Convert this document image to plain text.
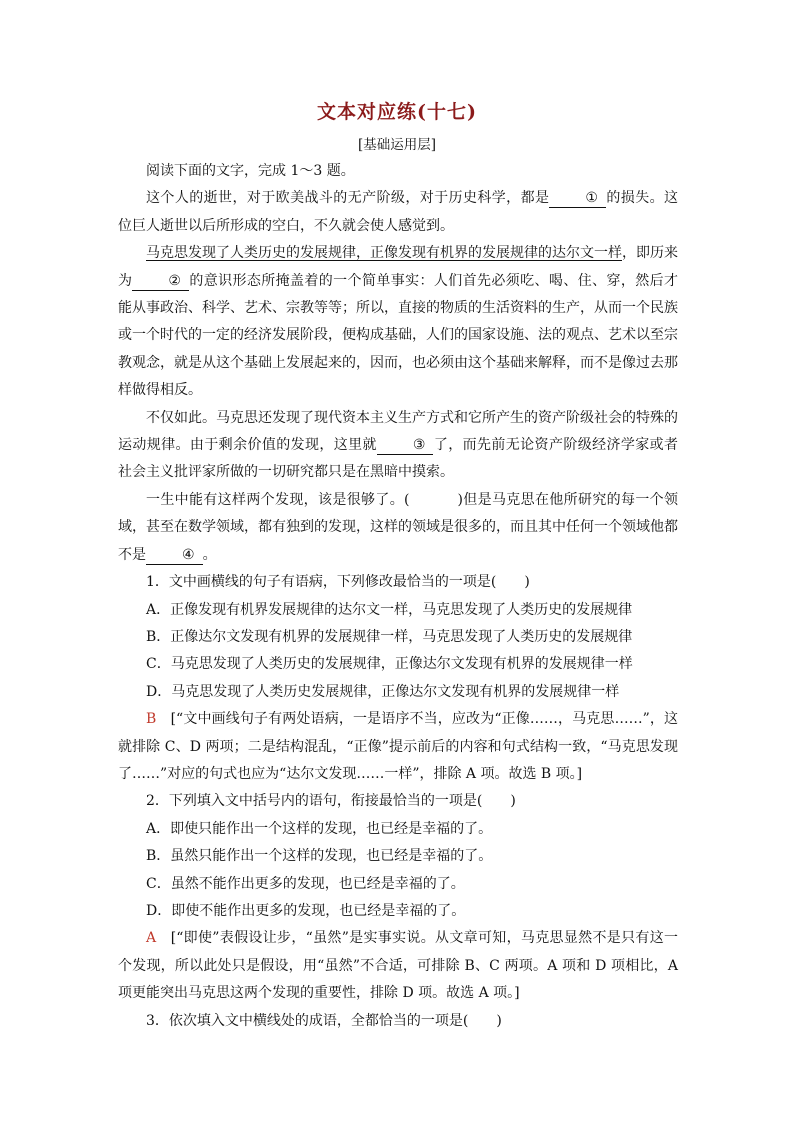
文本对应练(十七)
[基础运用层]

阅读下面的文字，完成 1～3 题。

这个人的逝世，对于欧美战斗的无产阶级，对于历史科学，都是	① 的损失。这位巨人逝世以后所形成的空白，不久就会使人感觉到。

马克思发现了人类历史的发展规律，正像发现有机界的发展规律的达尔文一样，即历来为	② 的意识形态所掩盖着的一个简单事实：人们首先必须吃、喝、住、穿，然后才能从事政治、科学、艺术、宗教等等；所以，直接的物质的生活资料的生产，从而一个民族或一个时代的一定的经济发展阶段，便构成基础，人们的国家设施、法的观点、艺术以至宗教观念，就是从这个基础上发展起来的，因而，也必须由这个基础来解释，而不是像过去那样做得相反。

不仅如此。马克思还发现了现代资本主义生产方式和它所产生的资产阶级社会的特殊的运动规律。由于剩余价值的发现，这里就	③ 了，而先前无论资产阶级经济学家或者社会主义批评家所做的一切研究都只是在黑暗中摸索。

一生中能有这样两个发现，该是很够了。(	)但是马克思在他所研究的每一个领域，甚至在数学领域，都有独到的发现，这样的领域是很多的，而且其中任何一个领域他都不是	④ 。

1．文中画横线的句子有语病，下列修改最恰当的一项是(　　)

A．正像发现有机界发展规律的达尔文一样，马克思发现了人类历史的发展规律

B．正像达尔文发现有机界的发展规律一样，马克思发现了人类历史的发展规律

C．马克思发现了人类历史的发展规律，正像达尔文发现有机界的发展规律一样

D．马克思发现了人类历史发展规律，正像达尔文发现有机界的发展规律一样

B　 [“文中画线句子有两处语病，一是语序不当，应改为“正像……，马克思……”，这就排除 C、D 两项；二是结构混乱，“正像”提示前后的内容和句式结构一致，“马克思发现了……”对应的句式也应为“达尔文发现……一样”，排除 A 项。故选 B 项。]

2．下列填入文中括号内的语句，衔接最恰当的一项是(　　)

A．即使只能作出一个这样的发现，也已经是幸福的了。

B．虽然只能作出一个这样的发现，也已经是幸福的了。

C．虽然不能作出更多的发现，也已经是幸福的了。

D．即使不能作出更多的发现，也已经是幸福的了。

A　 [“即使”表假设让步，“虽然”是实事实说。从文章可知，马克思显然不是只有这一个发现，所以此处只是假设，用“虽然”不合适，可排除 B、C 两项。A 项和 D 项相比，A 项更能突出马克思这两个发现的重要性，排除 D 项。故选 A 项。]

3．依次填入文中横线处的成语，全都恰当的一项是(　　)
